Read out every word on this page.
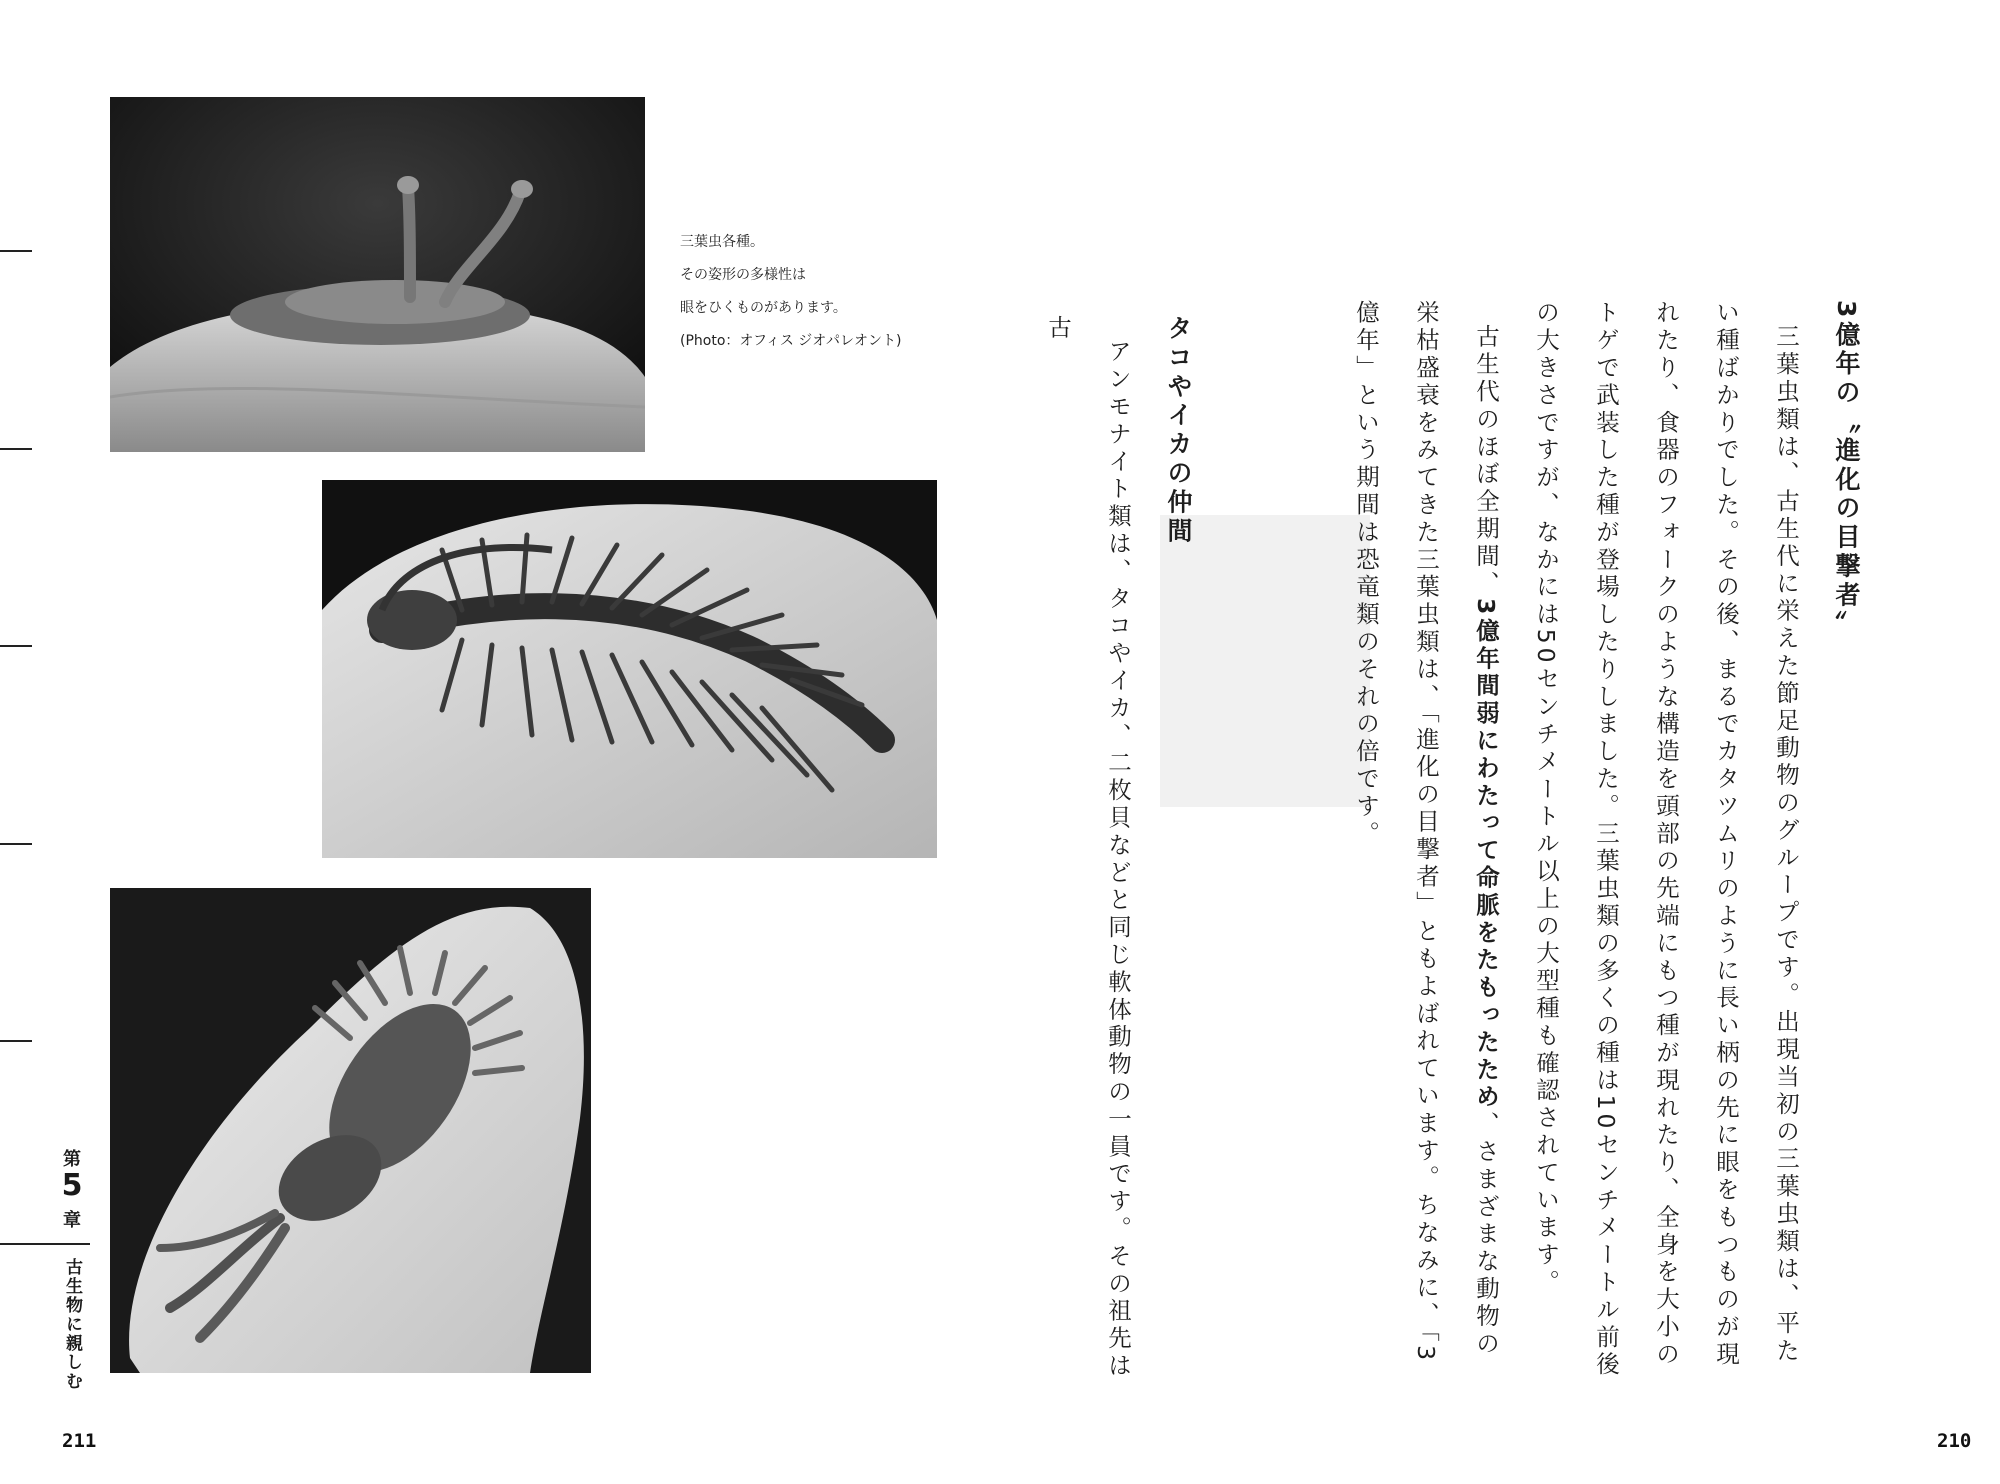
三葉虫各種。
その姿形の多様性は
眼をひくものがあります。
(Photo：オフィス ジオパレオント)
第
5
章
古生物に親しむ
211	210

3億年の〝進化の目撃者〟

三葉虫類は、古生代に栄えた節足動物のグループです。出現当初の三葉虫類は、平たい種ばかりでした。その後、まるでカタツムリのように長い柄の先に眼をもつものが現れたり、食器のフォークのような構造を頭部の先端にもつ種が現れたり、全身を大小のトゲで武装した種が登場したりしました。三葉虫類の多くの種は10センチメートル前後の大きさですが、なかには50センチメートル以上の大型種も確認されています。

古生代のほぼ全期間、3億年間弱にわたって命脈をたもったため、さまざまな動物の栄枯盛衰をみてきた三葉虫類は、「進化の目撃者」ともよばれています。ちなみに、「3億年」という期間は恐竜類のそれの倍です。

タコやイカの仲間

アンモナイト類は、タコやイカ、二枚貝などと同じ軟体動物の一員です。その祖先は古
